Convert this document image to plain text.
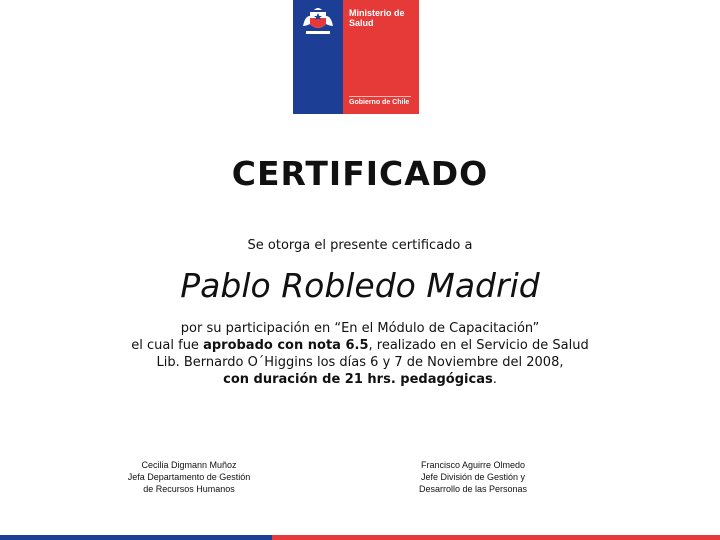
Ministerio de
Salud
Gobierno de Chile
CERTIFICADO
Se otorga el presente certificado a
Pablo Robledo Madrid
por su participación en “En el Módulo de Capacitación”
el cual fue aprobado con nota 6.5, realizado en el Servicio de Salud
Lib. Bernardo O´Higgins los días 6 y 7 de Noviembre del 2008,
con duración de 21 hrs. pedagógicas.
Cecilia Digmann Muñoz
Jefa Departamento de Gestión
de Recursos Humanos
Francisco Aguirre Olmedo
Jefe División de Gestión y
Desarrollo de las Personas
